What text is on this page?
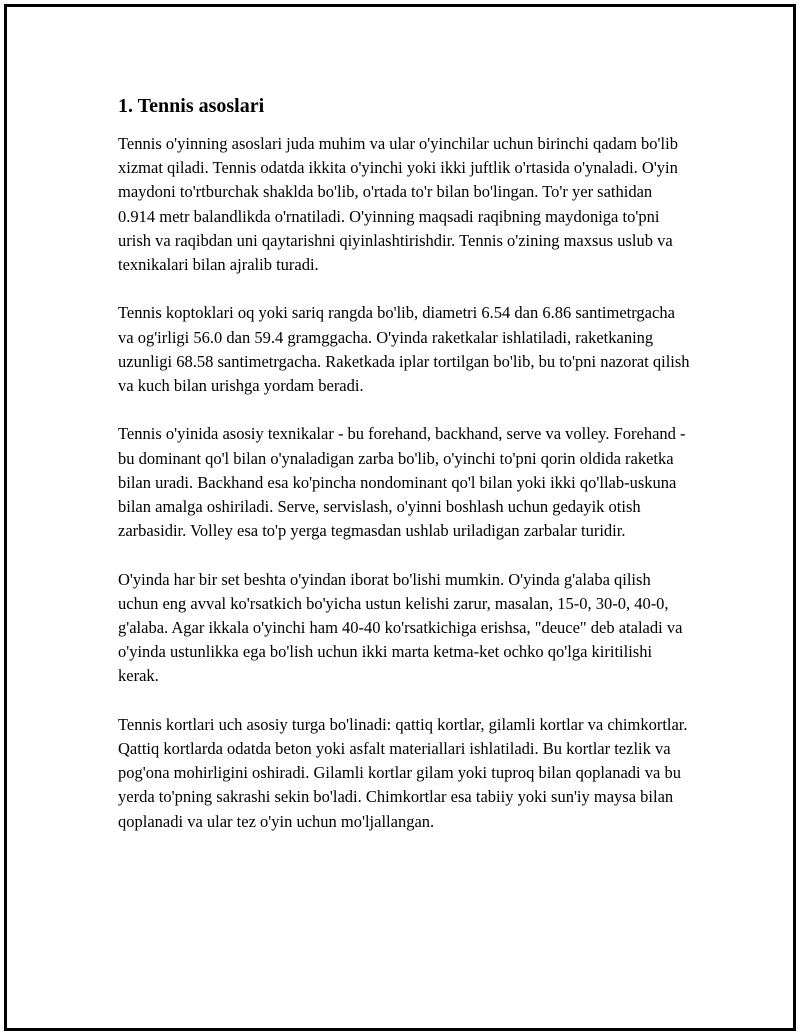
1. Tennis asoslari

Tennis o'yinning asoslari juda muhim va ular o'yinchilar uchun birinchi qadam bo'lib xizmat qiladi. Tennis odatda ikkita o'yinchi yoki ikki juftlik o'rtasida o'ynaladi. O'yin maydoni to'rtburchak shaklda bo'lib, o'rtada to'r bilan bo'lingan. To'r yer sathidan 0.914 metr balandlikda o'rnatiladi. O'yinning maqsadi raqibning maydoniga to'pni urish va raqibdan uni qaytarishni qiyinlashtirishdir. Tennis o'zining maxsus uslub va texnikalari bilan ajralib turadi.

Tennis koptoklari oq yoki sariq rangda bo'lib, diametri 6.54 dan 6.86 santimetrgacha va og'irligi 56.0 dan 59.4 gramggacha. O'yinda raketkalar ishlatiladi, raketkaning uzunligi 68.58 santimetrgacha. Raketkada iplar tortilgan bo'lib, bu to'pni nazorat qilish va kuch bilan urishga yordam beradi.

Tennis o'yinida asosiy texnikalar - bu forehand, backhand, serve va volley. Forehand - bu dominant qo'l bilan o'ynaladigan zarba bo'lib, o'yinchi to'pni qorin oldida raketka bilan uradi. Backhand esa ko'pincha nondominant qo'l bilan yoki ikki qo'llab-uskuna bilan amalga oshiriladi. Serve, servislash, o'yinni boshlash uchun gedayik otish zarbasidir. Volley esa to'p yerga tegmasdan ushlab uriladigan zarbalar turidir.

O'yinda har bir set beshta o'yindan iborat bo'lishi mumkin. O'yinda g'alaba qilish uchun eng avval ko'rsatkich bo'yicha ustun kelishi zarur, masalan, 15-0, 30-0, 40-0, g'alaba. Agar ikkala o'yinchi ham 40-40 ko'rsatkichiga erishsa, "deuce" deb ataladi va o'yinda ustunlikka ega bo'lish uchun ikki marta ketma-ket ochko qo'lga kiritilishi kerak.

Tennis kortlari uch asosiy turga bo'linadi: qattiq kortlar, gilamli kortlar va chimkortlar. Qattiq kortlarda odatda beton yoki asfalt materiallari ishlatiladi. Bu kortlar tezlik va pog'ona mohirligini oshiradi. Gilamli kortlar gilam yoki tuproq bilan qoplanadi va bu yerda to'pning sakrashi sekin bo'ladi. Chimkortlar esa tabiiy yoki sun'iy maysa bilan qoplanadi va ular tez o'yin uchun mo'ljallangan.
